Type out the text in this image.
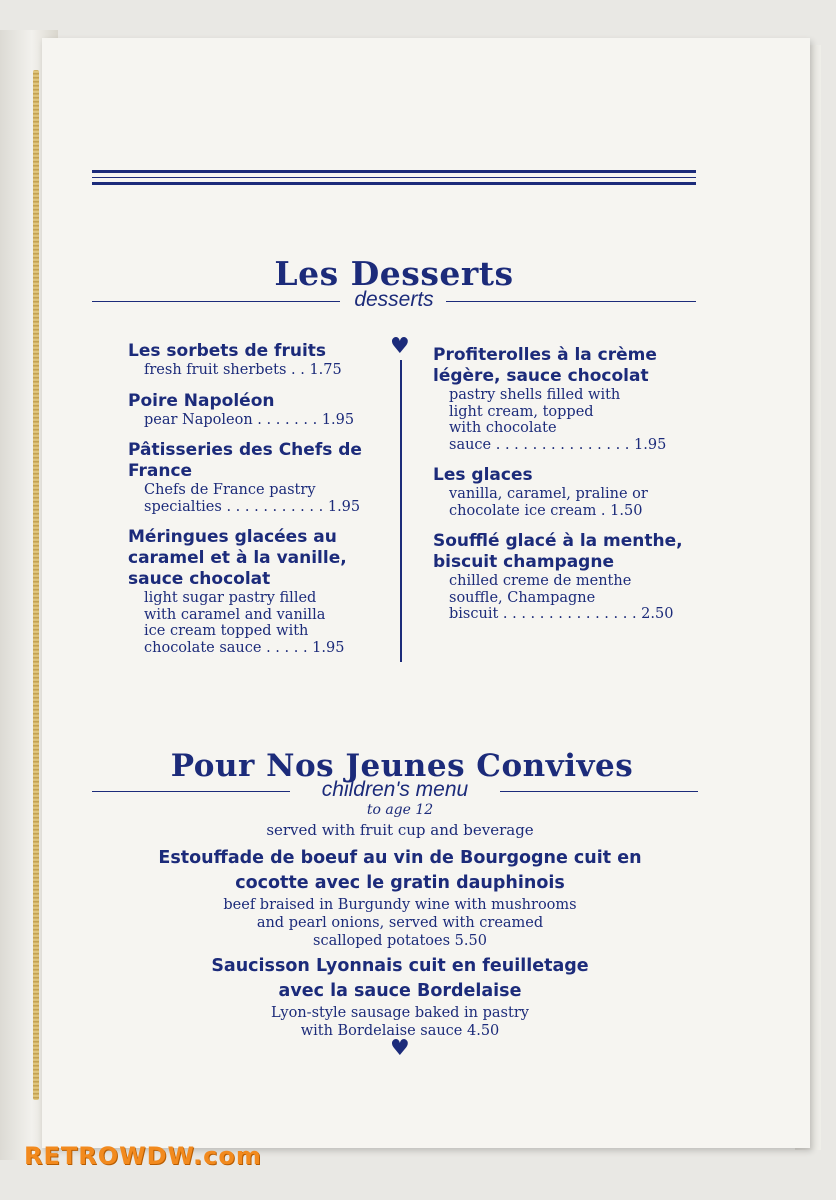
Les Desserts
desserts
♥
Les sorbets de fruits
fresh fruit sherbets . . 1.75
Poire Napoléon
pear Napoleon . . . . . . . 1.95
Pâtisseries des Chefs de France
Chefs de France pastry
specialties . . . . . . . . . . . 1.95
Méringues glacées au caramel et à la vanille, sauce chocolat
light sugar pastry filled
with caramel and vanilla
ice cream topped with
chocolate sauce . . . . . 1.95
Profiterolles à la crème légère, sauce chocolat
pastry shells filled with
light cream, topped
with chocolate
sauce . . . . . . . . . . . . . . . 1.95
Les glaces
vanilla, caramel, praline or
chocolate ice cream . 1.50
Soufflé glacé à la menthe, biscuit champagne
chilled creme de menthe
souffle, Champagne
biscuit . . . . . . . . . . . . . . . 2.50
Pour Nos Jeunes Convives
children's menu
to age 12
served with fruit cup and beverage
Estouffade de boeuf au vin de Bourgogne cuit en
cocotte avec le gratin dauphinois
beef braised in Burgundy wine with mushrooms
and pearl onions, served with creamed
scalloped potatoes 5.50
Saucisson Lyonnais cuit en feuilletage
avec la sauce Bordelaise
Lyon-style sausage baked in pastry
with Bordelaise sauce 4.50
♥
RETROWDW.com
